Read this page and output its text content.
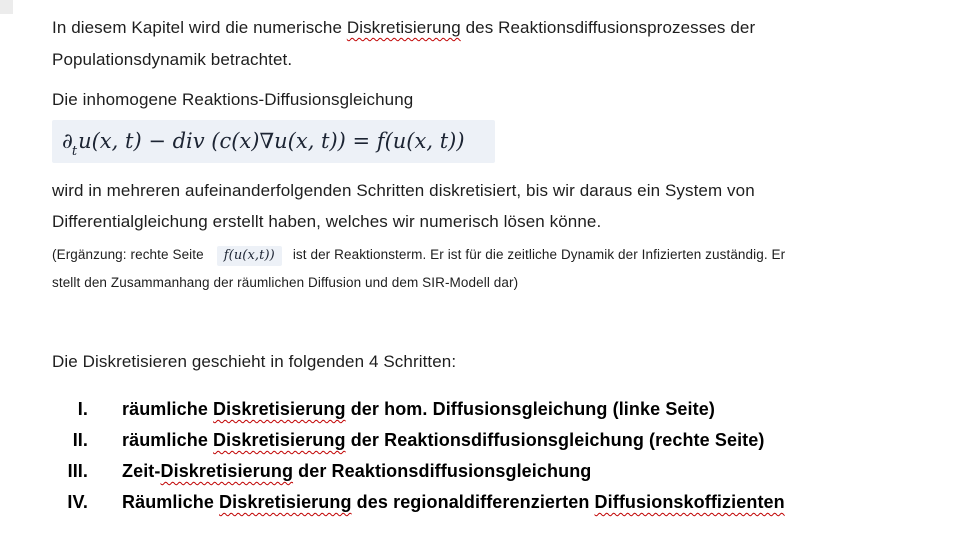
In diesem Kapitel wird die numerische Diskretisierung des Reaktionsdiffusionsprozesses der
Populationsdynamik betrachtet.
Die inhomogene Reaktions-Diffusionsgleichung
$\partial_tu(x$, t) − div (c(x)∇u(x, t)) = f(u(x, t))
wird in mehreren aufeinanderfolgenden Schritten diskretisiert, bis wir daraus ein System von
Differentialgleichung erstellt haben, welches wir numerisch lösen könne.
(Ergänzung: rechte Seite f(u(x,t)) ist der Reaktionsterm. Er ist für die zeitliche Dynamik der Infizierten zuständig. Er
stellt den Zusammanhang der räumlichen Diffusion und dem SIR-Modell dar)
Die Diskretisieren geschieht in folgenden 4 Schritten:
I. räumliche Diskretisierung der hom. Diffusionsgleichung (linke Seite)
II. räumliche Diskretisierung der Reaktionsdiffusionsgleichung (rechte Seite)
III. Zeit-Diskretisierung der Reaktionsdiffusionsgleichung
IV. Räumliche Diskretisierung des regionaldifferenzierten Diffusionskoffizienten
